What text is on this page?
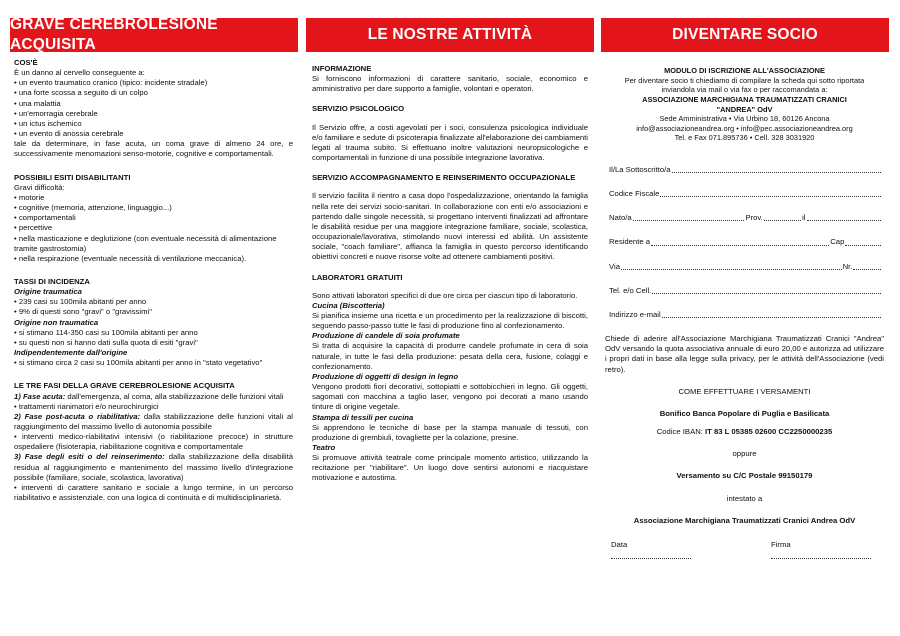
GRAVE CEREBROLESIONE ACQUISITA
COS'È

È un danno al cervello conseguente a:

• un evento traumatico cranico (tipico: incidente stradale)

• una forte scossa a seguito di un colpo

• una malattia

• un'emorragia cerebrale

• un ictus ischemico

• un evento di anossia cerebrale

tale da determinare, in fase acuta, un coma grave di almeno 24 ore, e successivamente menomazioni senso-motorie, cognitive e comportamentali.

POSSIBILI ESITI DISABILITANTI

Gravi difficoltà:

• motorie

• cognitive (memoria, attenzione, linguaggio...)

• comportamentali

• percettive

• nella masticazione e deglutizione (con eventuale necessità di alimentazione tramite gastrostomia)

• nella respirazione (eventuale necessità di ventilazione meccanica).

TASSI DI INCIDENZA

Origine traumatica

• 239 casi su 100mila abitanti per anno

• 9% di questi sono "gravi" o "gravissimi"

Origine non traumatica

• si stimano 114-350 casi su 100mila abitanti per anno

• su questi non si hanno dati sulla quota di esiti "gravi"

Indipendentemente dall'origine

• si stimano circa 2 casi su 100mila abitanti per anno in "stato vegetativo"

LE TRE FASI DELLA GRAVE CEREBROLESIONE ACQUISITA

1) Fase acuta: dall'emergenza, al coma, alla stabilizzazione delle funzioni vitali

• trattamenti rianimatori e/o neurochirurgici

2) Fase post-acuta o riabilitativa: dalla stabilizzazione delle funzioni vitali al raggiungimento del massimo livello di autonomia possibile

• interventi medico-riabilitativi intensivi (o riabilitazione precoce) in strutture ospedaliere (fisioterapia, riabilitazione cognitiva e comportamentale

3) Fase degli esiti o del reinserimento: dalla stabilizzazione della disabilità residua al raggiungimento e mantenimento del massimo livello d'integrazione possibile (familiare, sociale, scolastica, lavorativa)

• interventi di carattere sanitario e sociale a lungo termine, in un percorso riabilitativo e assistenziale, con una logica di continuità e di multidisciplinarietà.

LE NOSTRE ATTIVITÀ
INFORMAZIONE

Si forniscono informazioni di carattere sanitario, sociale, economico e amministrativo per dare supporto a famiglie, volontari e operatori.

SERVIZIO PSICOLOGICO

Il Servizio offre, a costi agevolati per i soci, consulenza psicologica individuale e/o familiare e sedute di psicoterapia finalizzate all'elaborazione dei cambiamenti legati al trauma subito. Si effettuano inoltre valutazioni neuropsicologiche e comportamentali in funzione di una possibile integrazione lavorativa.

SERVIZIO ACCOMPAGNAMENTO E REINSERIMENTO OCCUPAZIONALE

Il servizio facilita il rientro a casa dopo l'ospedalizzazione, orientando la famiglia nella rete dei servizi socio-sanitari. In collaborazione con enti e/o associazioni e partendo dalle singole necessità, si progettano interventi finalizzati ad affrontare le disabilità residue per una maggiore integrazione familiare, sociale, scolastica, occupazionale/lavorativa, stimolando nuovi interessi ed abilità. Un assistente sociale, "coach familiare", affianca la famiglia in questo percorso identificando obiettivi concreti e nuove risorse volte ad ottenere cambiamenti positivi.

LABORATOR1 GRATUITI

Sono attivati laboratori specifici di due ore circa per ciascun tipo di laboratorio.

Cucina (Biscotteria)

Si pianifica insieme una ricetta e un procedimento per la realizzazione di biscotti, seguendo passo-passo tutte le fasi di produzione fino al confezionamento.

Produzione di candele di soia profumate

Si tratta di acquisire la capacità di produrre candele profumate in cera di soia naturale, in tutte le fasi della produzione: pesata della cera, fusione, colaggi e confezionamento.

Produzione di oggetti di design in legno

Vengono prodotti fiori decorativi, sottopiatti e sottobicchieri in legno. Gli oggetti, sagomati con macchina a taglio laser, vengono poi decorati a mano usando tinture di origine vegetale.

Stampa di tessili per cucina

Si apprendono le tecniche di base per la stampa manuale di tessuti, con produzione di grembiuli, tovagliette per la colazione, presine.

Teatro

Si promuove attività teatrale come principale momento artistico, utilizzando la recitazione per "riabilitare". Un luogo dove sentirsi autonomi e riacquistare motivazione e autostima.

DIVENTARE SOCIO

MODULO DI ISCRIZIONE ALL'ASSOCIAZIONE

Per diventare socio ti chiediamo di compilare la scheda qui sotto riportata

inviandola via mail o via fax o per raccomandata a:

ASSOCIAZIONE MARCHIGIANA TRAUMATIZZATI CRANICI

"ANDREA" OdV

Sede Amministrativa • Via Urbino 18, 60126 Ancona

info@associazioneandrea.org • info@pec.associazioneandrea.org

Tel. e Fax 071.895736 • Cell. 328 3031920

Il/La Sottoscritto/a
Codice Fiscale
Nato/a	Prov.	il
Residente a	Cap
Via	Nr.
Tel. e/o Cell.
Indirizzo e-mail

Chiede di aderire all'Associazione Marchigiana Traumatizzati Cranici "Andrea" OdV versando la quota associativa annuale di euro 20,00 e autorizza ad utilizzare i propri dati in base alla legge sulla privacy, per le attività dell'Associazione (vedi retro).

COME EFFETTUARE I VERSAMENTI

Bonifico Banca Popolare di Puglia e Basilicata

Codice IBAN: IT 83 L 05385 02600 CC2250000235

oppure

Versamento su C/C Postale 99150179

intestato a

Associazione Marchigiana Traumatizzati Cranici Andrea OdV

Data	Firma
